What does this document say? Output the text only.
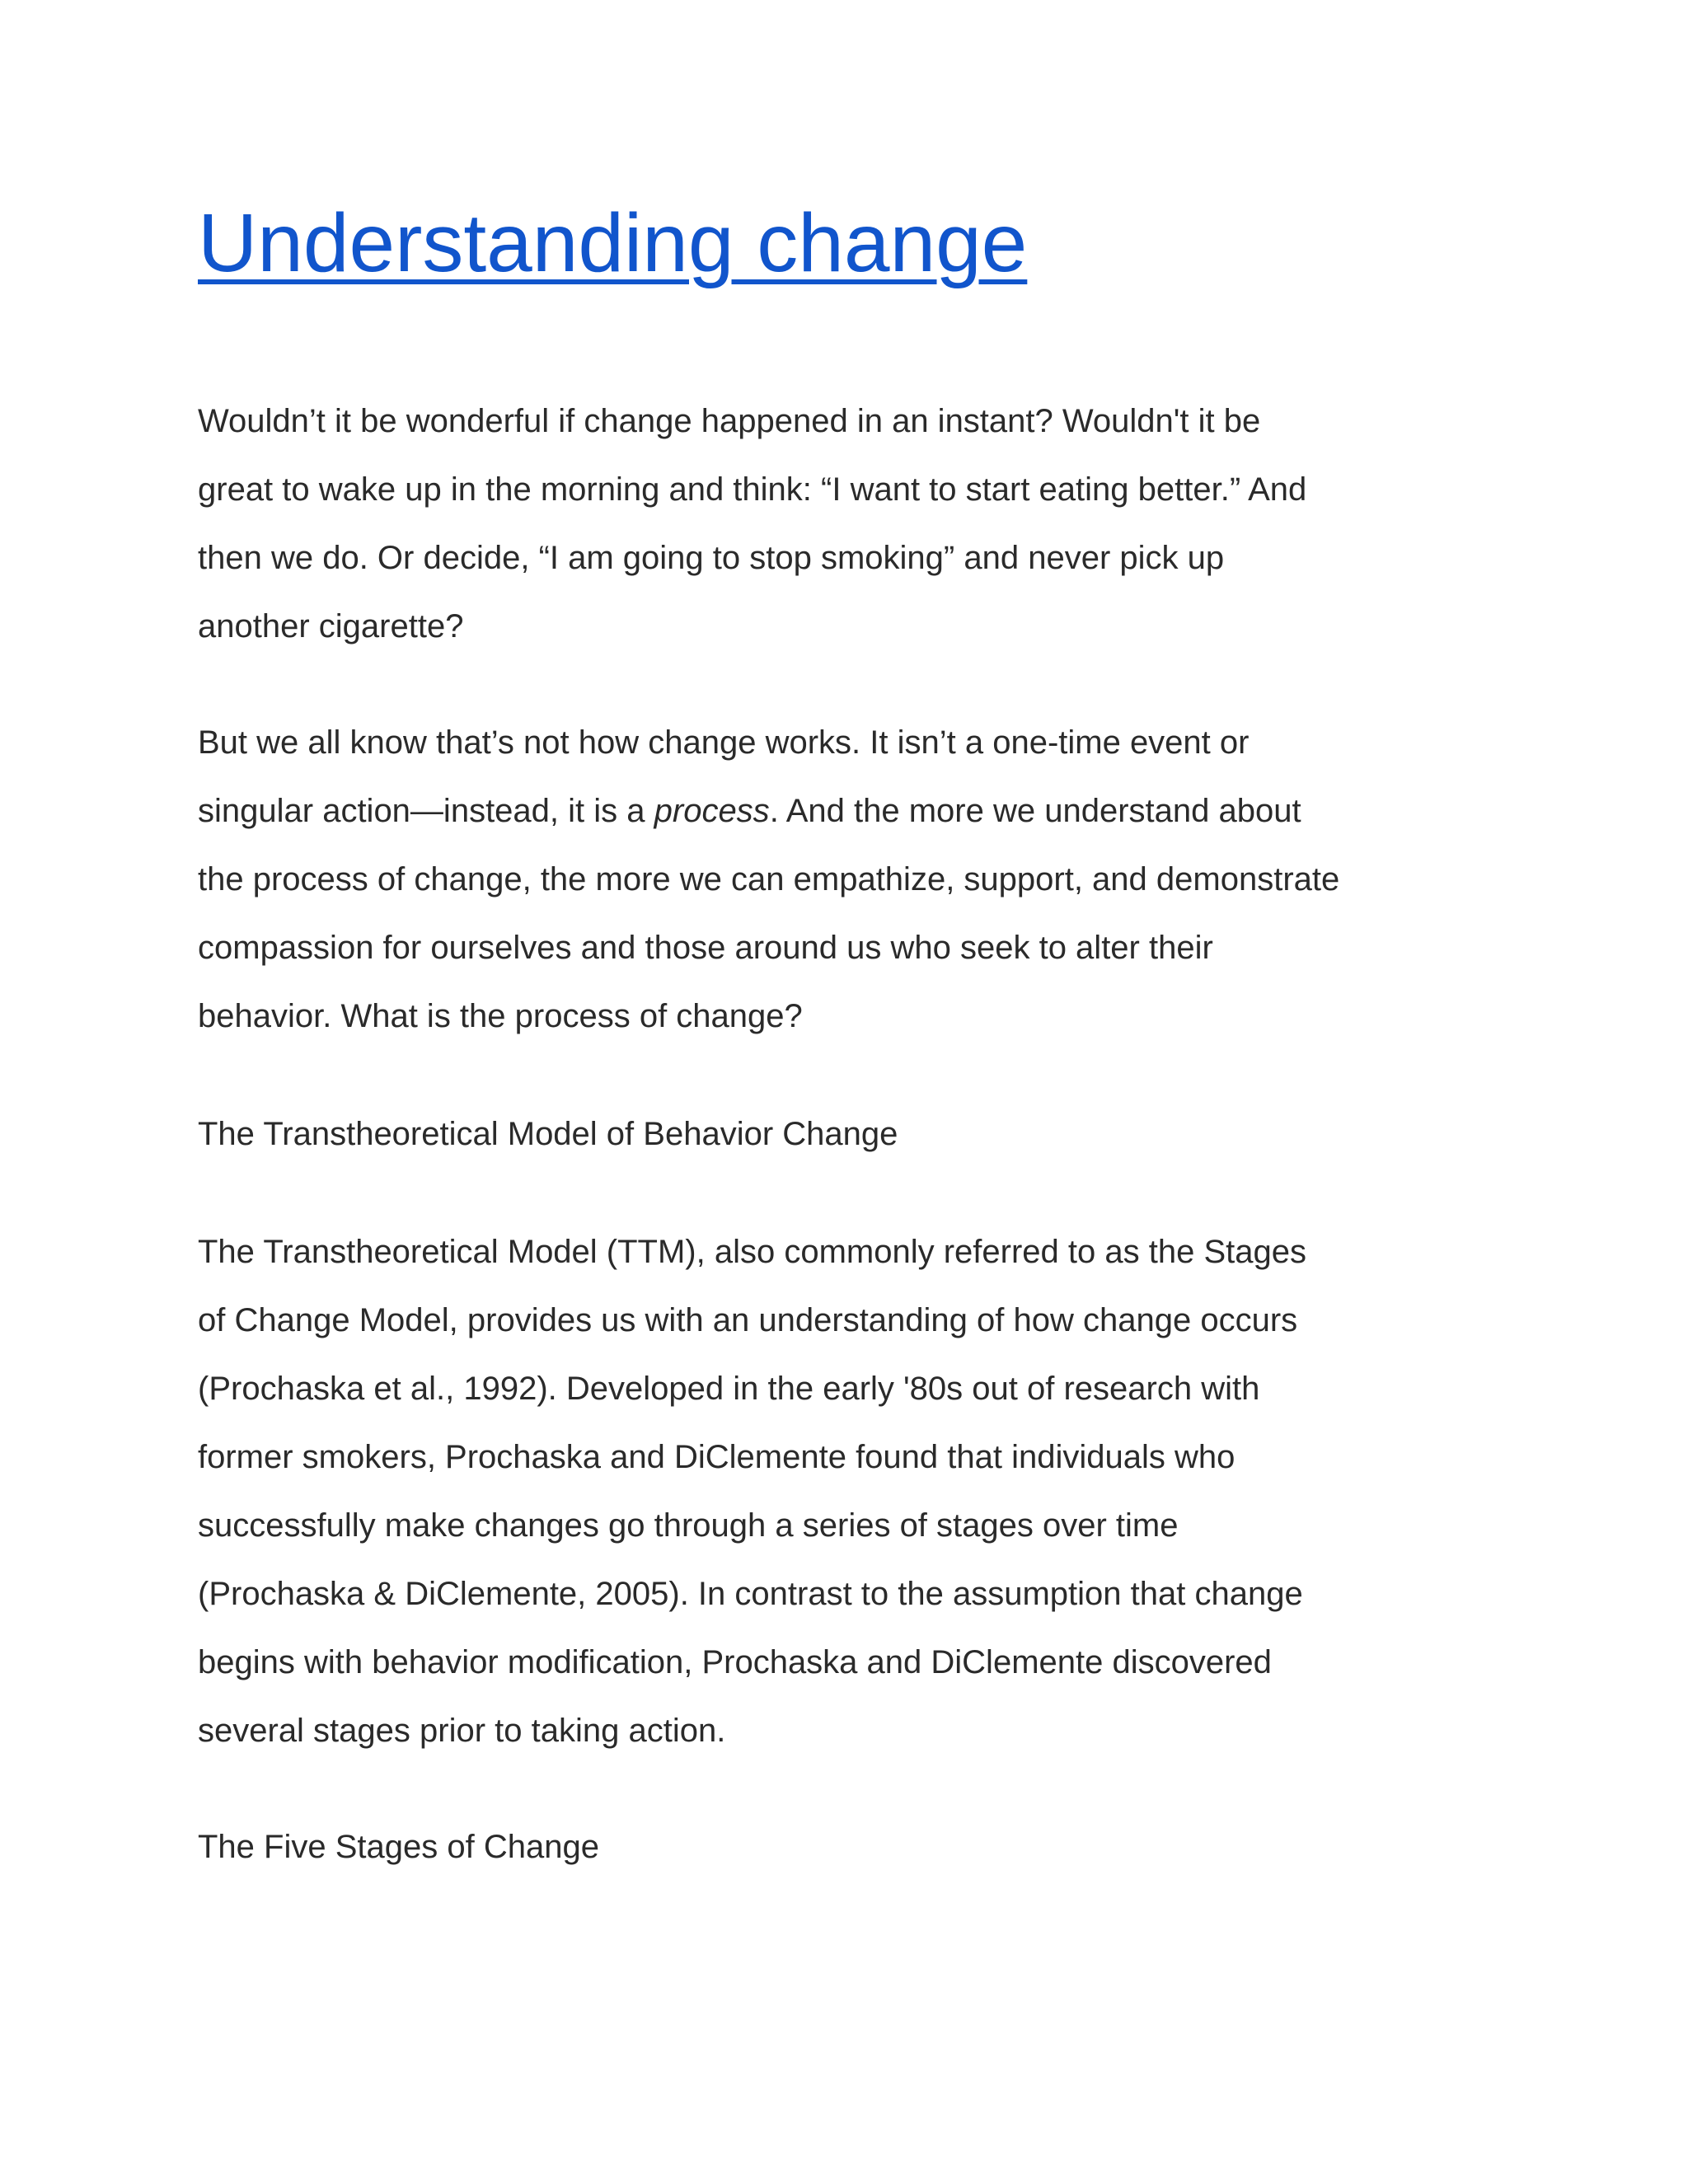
Understanding change

Wouldn’t it be wonderful if change happened in an instant? Wouldn't it be
great to wake up in the morning and think: “I want to start eating better.” And
then we do. Or decide, “I am going to stop smoking” and never pick up
another cigarette?

But we all know that’s not how change works. It isn’t a one-time event or
singular action—instead, it is a process. And the more we understand about
the process of change, the more we can empathize, support, and demonstrate
compassion for ourselves and those around us who seek to alter their
behavior. What is the process of change?

The Transtheoretical Model of Behavior Change

The Transtheoretical Model (TTM), also commonly referred to as the Stages
of Change Model, provides us with an understanding of how change occurs
(Prochaska et al., 1992). Developed in the early '80s out of research with
former smokers, Prochaska and DiClemente found that individuals who
successfully make changes go through a series of stages over time
(Prochaska & DiClemente, 2005). In contrast to the assumption that change
begins with behavior modification, Prochaska and DiClemente discovered
several stages prior to taking action.

The Five Stages of Change
